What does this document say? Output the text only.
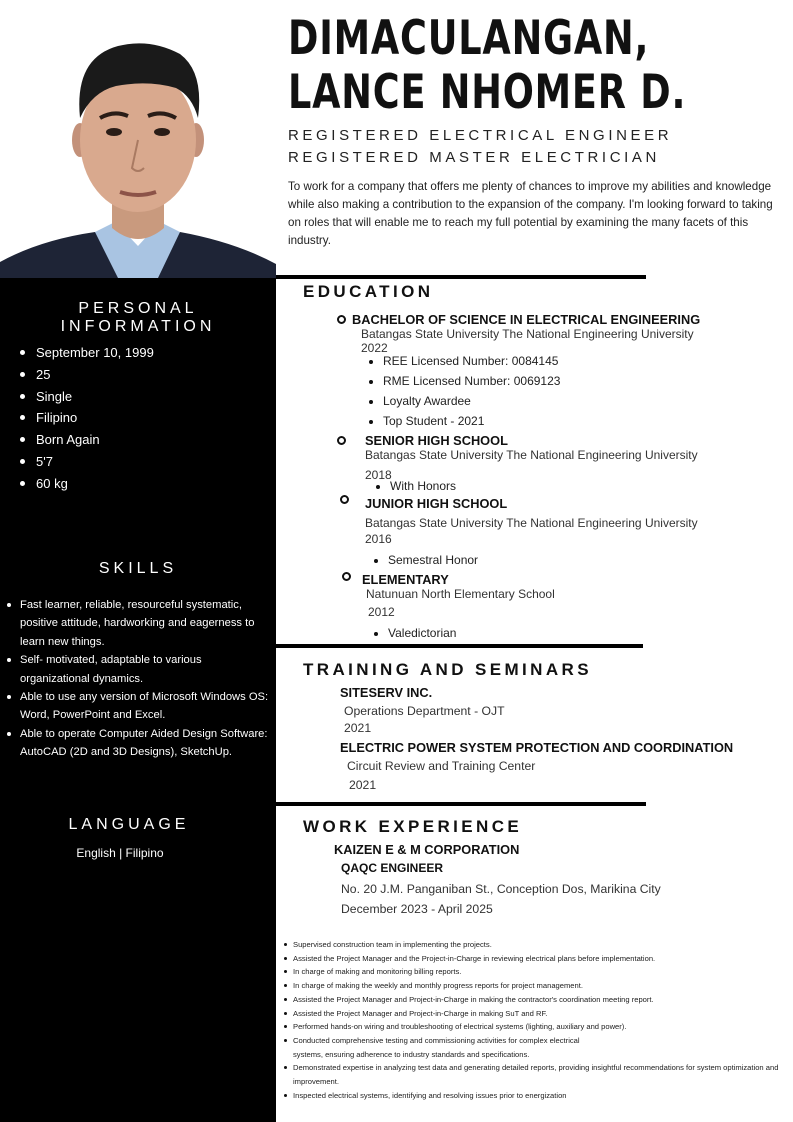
DIMACULANGAN,
LANCE NHOMER D.
REGISTERED ELECTRICAL ENGINEER
REGISTERED MASTER ELECTRICIAN
To work for a company that offers me plenty of chances to improve my abilities and knowledge while also making a contribution to the expansion of the company. I'm looking forward to taking on roles that will enable me to reach my full potential by examining the many facets of this industry.
PERSONAL INFORMATION
September 10, 1999
25
Single
Filipino
Born Again
5'7
60 kg
SKILLS
Fast learner, reliable, resourceful systematic, positive attitude, hardworking and eagerness to learn new things.
Self- motivated, adaptable to various organizational dynamics.
Able to use any version of Microsoft Windows OS: Word, PowerPoint and Excel.
Able to operate Computer Aided Design Software: AutoCAD (2D and 3D Designs), SketchUp.
LANGUAGE
English | Filipino
EDUCATION
BACHELOR OF SCIENCE IN ELECTRICAL ENGINEERING
Batangas State University The National Engineering University
2022
REE Licensed Number: 0084145
RME Licensed Number: 0069123
Loyalty Awardee
Top Student - 2021
SENIOR HIGH SCHOOL
Batangas State University The National Engineering University
2018
With Honors
JUNIOR HIGH SCHOOL
Batangas State University The National Engineering University
2016
Semestral Honor
ELEMENTARY
Natunuan North Elementary School
2012
Valedictorian
TRAINING AND SEMINARS
SITESERV INC.
Operations Department - OJT
2021
ELECTRIC POWER SYSTEM PROTECTION AND COORDINATION
Circuit Review and Training Center
2021
WORK EXPERIENCE
KAIZEN E & M CORPORATION
QAQC ENGINEER
No. 20 J.M. Panganiban St., Conception Dos, Marikina City
December 2023 - April 2025
Supervised construction team in implementing the projects.
Assisted the Project Manager and the Project-in-Charge in reviewing electrical plans before implementation.
In charge of making and monitoring billing reports.
In charge of making the weekly and monthly progress reports for project management.
Assisted the Project Manager and Project-in-Charge in making the contractor's coordination meeting report.
Assisted the Project Manager and Project-in-Charge in making SuT and RF.
Performed hands-on wiring and troubleshooting of electrical systems (lighting, auxiliary and power).
Conducted comprehensive testing and commissioning activities for complex electrical systems, ensuring adherence to industry standards and specifications.
Demonstrated expertise in analyzing test data and generating detailed reports, providing insightful recommendations for system optimization and improvement.
Inspected electrical systems, identifying and resolving issues prior to energization
